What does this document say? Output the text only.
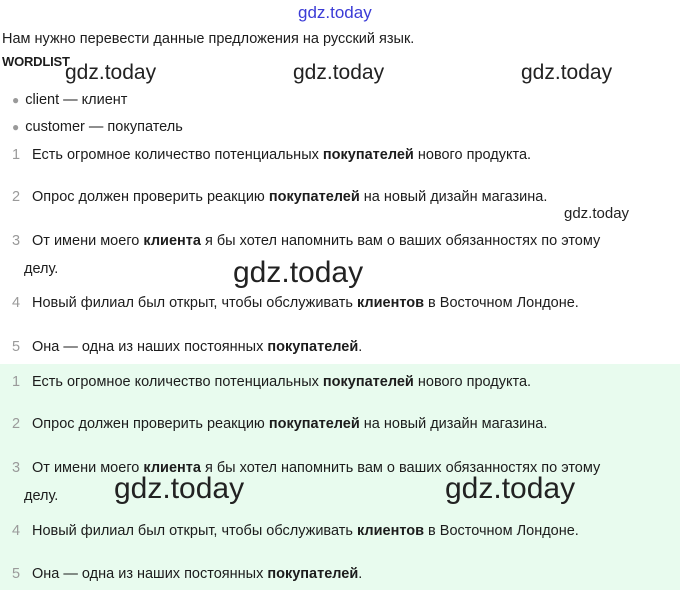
gdz.today
Нам нужно перевести данные предложения на русский язык.
WORDLIST
gdz.today	gdz.today	gdz.today
● client — клиент
● customer — покупатель
1 Есть огромное количество потенциальных покупателей нового продукта.
2 Опрос должен проверить реакцию покупателей на новый дизайн магазина.
gdz.today
3 От имени моего клиента я бы хотел напомнить вам о ваших обязанностях по этому
делу.	gdz.today
4 Новый филиал был открыт, чтобы обслуживать клиентов в Восточном Лондоне.
5 Она — одна из наших постоянных покупателей.
1 Есть огромное количество потенциальных покупателей нового продукта.
2 Опрос должен проверить реакцию покупателей на новый дизайн магазина.
3 От имени моего клиента я бы хотел напомнить вам о ваших обязанностях по этому
делу.	gdz.today	gdz.today
4 Новый филиал был открыт, чтобы обслуживать клиентов в Восточном Лондоне.
5 Она — одна из наших постоянных покупателей.
